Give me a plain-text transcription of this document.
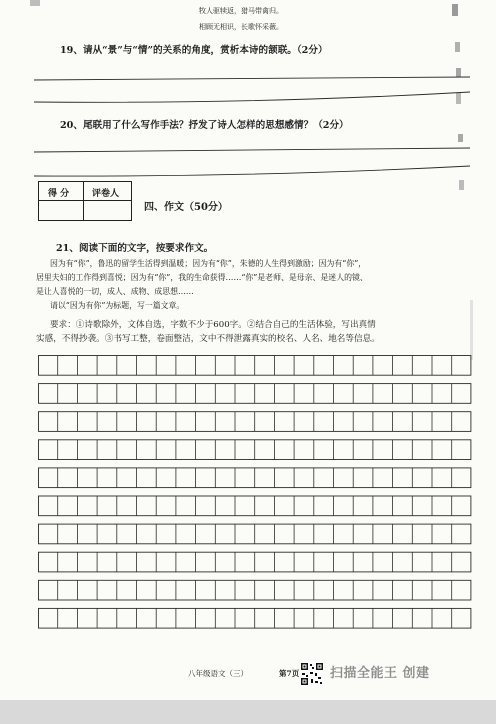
牧人驱犊返，猎马带禽归。
相顾无相识，长歌怀采薇。
19、请从“景”与“情”的关系的角度，赏析本诗的颔联。（2分）
20、尾联用了什么写作手法？抒发了诗人怎样的思想感情？（2分）
得 分	评卷人
四、作文（50分）
21、阅读下面的文字，按要求作文。

因为有“你”，鲁迅的留学生活得到温暖；因为有“你”，朱德的人生得到激励；因为有“你”，

居里夫妇的工作得到喜悦；因为有“你”，我的生命获得……“你”是老师、是母亲、是迷人的镜、

是让人喜悦的一切，成人、成物、成思想……

请以“因为有你”为标题，写一篇文章。

要求：①诗歌除外，文体自选，字数不少于600字。②结合自己的生活体验，写出真情

实感，不得抄袭。③书写工整，卷面整洁，文中不得泄露真实的校名、人名、地名等信息。

八年级语文（三）	第7页 扫描全能王 创建
